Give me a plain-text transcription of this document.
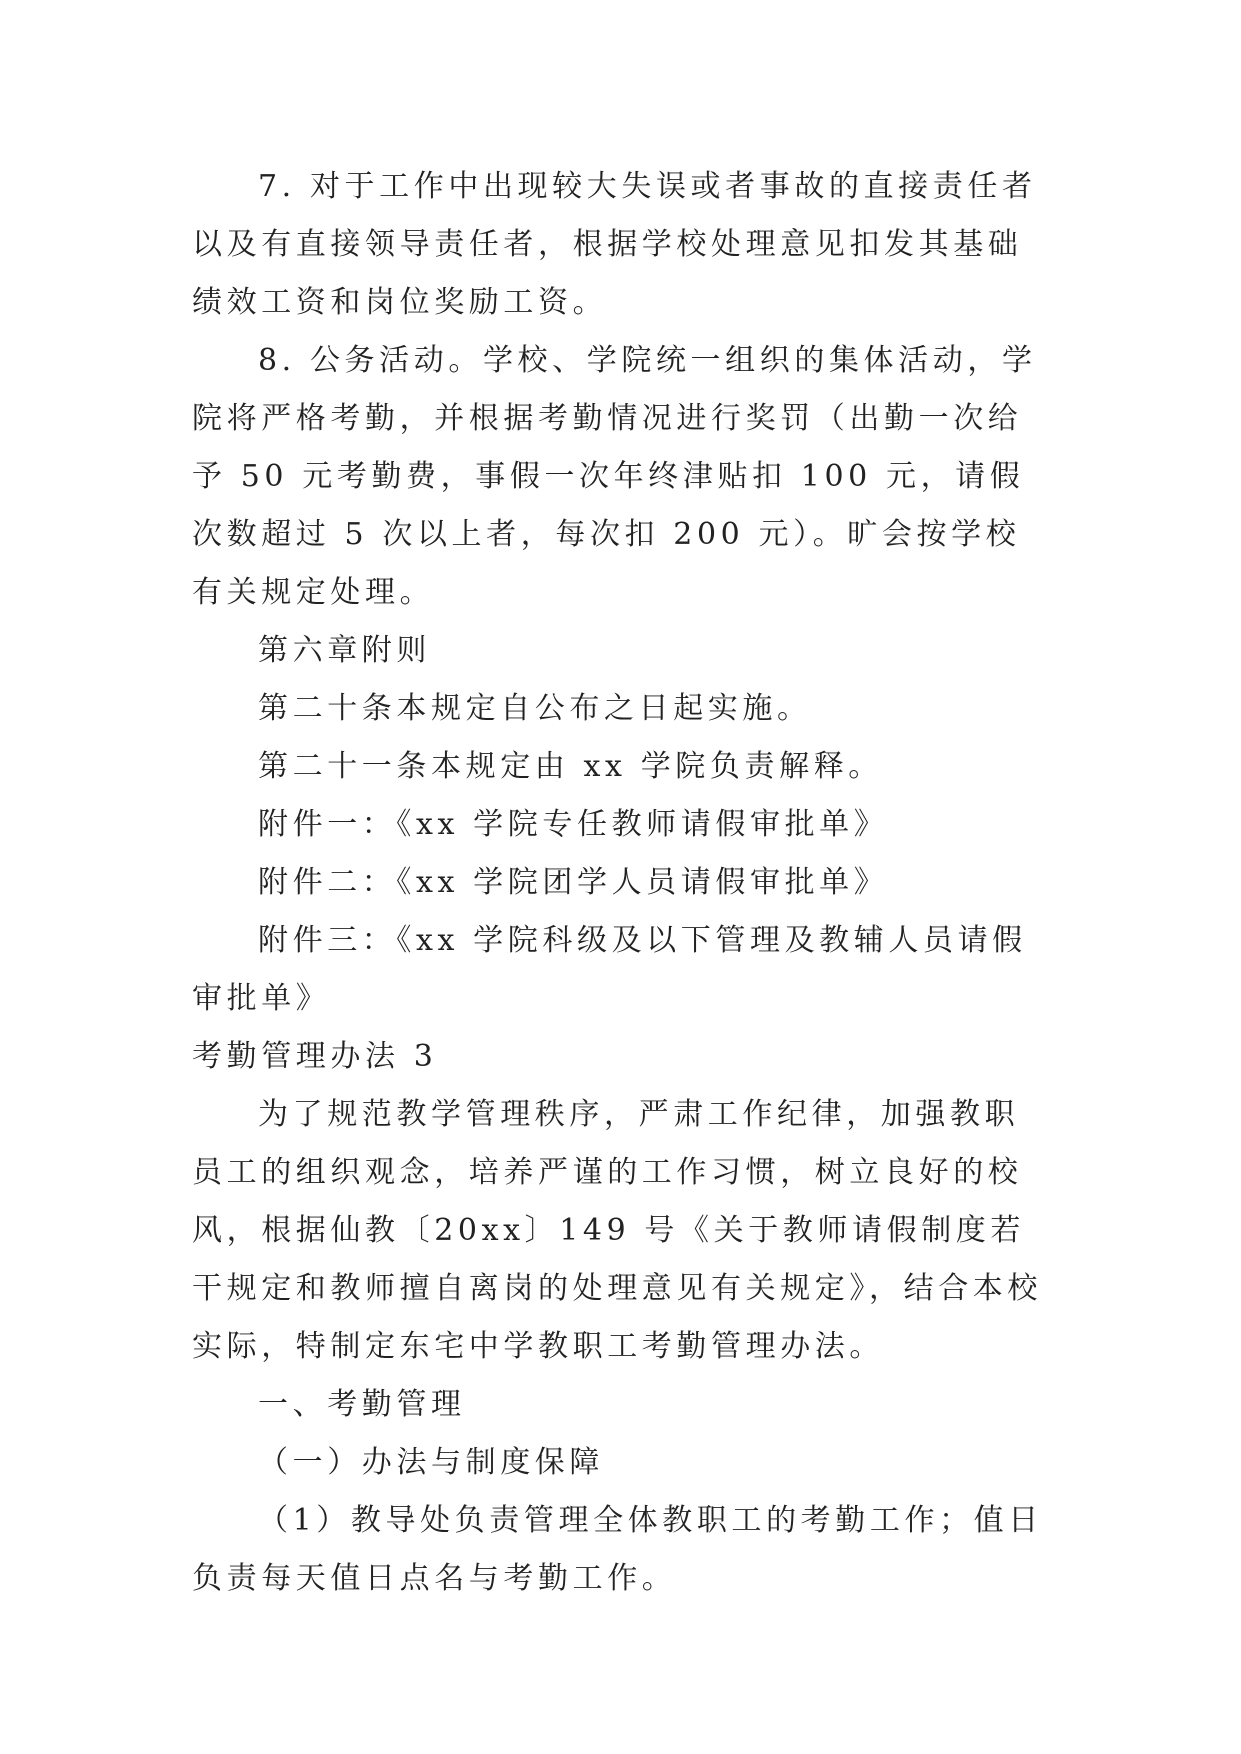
7. 对于工作中出现较大失误或者事故的直接责任者以及有直接领导责任者，根据学校处理意见扣发其基础绩效工资和岗位奖励工资。

8. 公务活动。学校、学院统一组织的集体活动，学院将严格考勤，并根据考勤情况进行奖罚（出勤一次给予 50 元考勤费，事假一次年终津贴扣 100 元，请假次数超过 5 次以上者，每次扣 200 元）。旷会按学校有关规定处理。

第六章附则

第二十条本规定自公布之日起实施。

第二十一条本规定由 xx 学院负责解释。

附件一：《xx 学院专任教师请假审批单》

附件二：《xx 学院团学人员请假审批单》

附件三：《xx 学院科级及以下管理及教辅人员请假审批单》

考勤管理办法 3

为了规范教学管理秩序，严肃工作纪律，加强教职员工的组织观念，培养严谨的工作习惯，树立良好的校风，根据仙教〔20xx〕149 号《关于教师请假制度若干规定和教师擅自离岗的处理意见有关规定》，结合本校实际，特制定东宅中学教职工考勤管理办法。

一、考勤管理

（一）办法与制度保障

（1）教导处负责管理全体教职工的考勤工作；值日负责每天值日点名与考勤工作。
